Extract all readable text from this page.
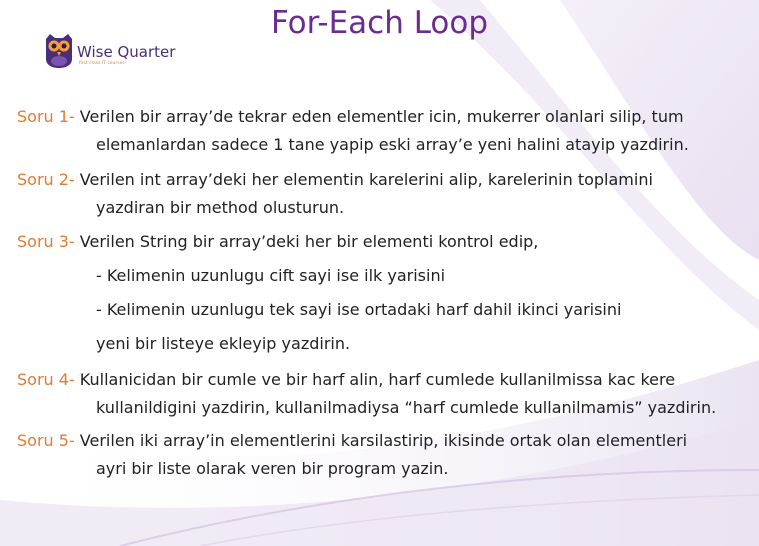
For-Each Loop
Wise Quarter
first class IT courses
Soru 1- Verilen bir array’de tekrar eden elementler icin, mukerrer olanlari silip, tum
elemanlardan sadece 1 tane yapip eski array’e yeni halini atayip yazdirin.
Soru 2- Verilen int array’deki her elementin karelerini alip, karelerinin toplamini
yazdiran bir method olusturun.
Soru 3- Verilen String bir array’deki her bir elementi kontrol edip,
- Kelimenin uzunlugu cift sayi ise ilk yarisini
- Kelimenin uzunlugu tek sayi ise ortadaki harf dahil ikinci yarisini
yeni bir listeye ekleyip yazdirin.
Soru 4- Kullanicidan bir cumle ve bir harf alin, harf cumlede kullanilmissa kac kere
kullanildigini yazdirin, kullanilmadiysa “harf cumlede kullanilmamis” yazdirin.
Soru 5- Verilen iki array’in elementlerini karsilastirip, ikisinde ortak olan elementleri
ayri bir liste olarak veren bir program yazin.
